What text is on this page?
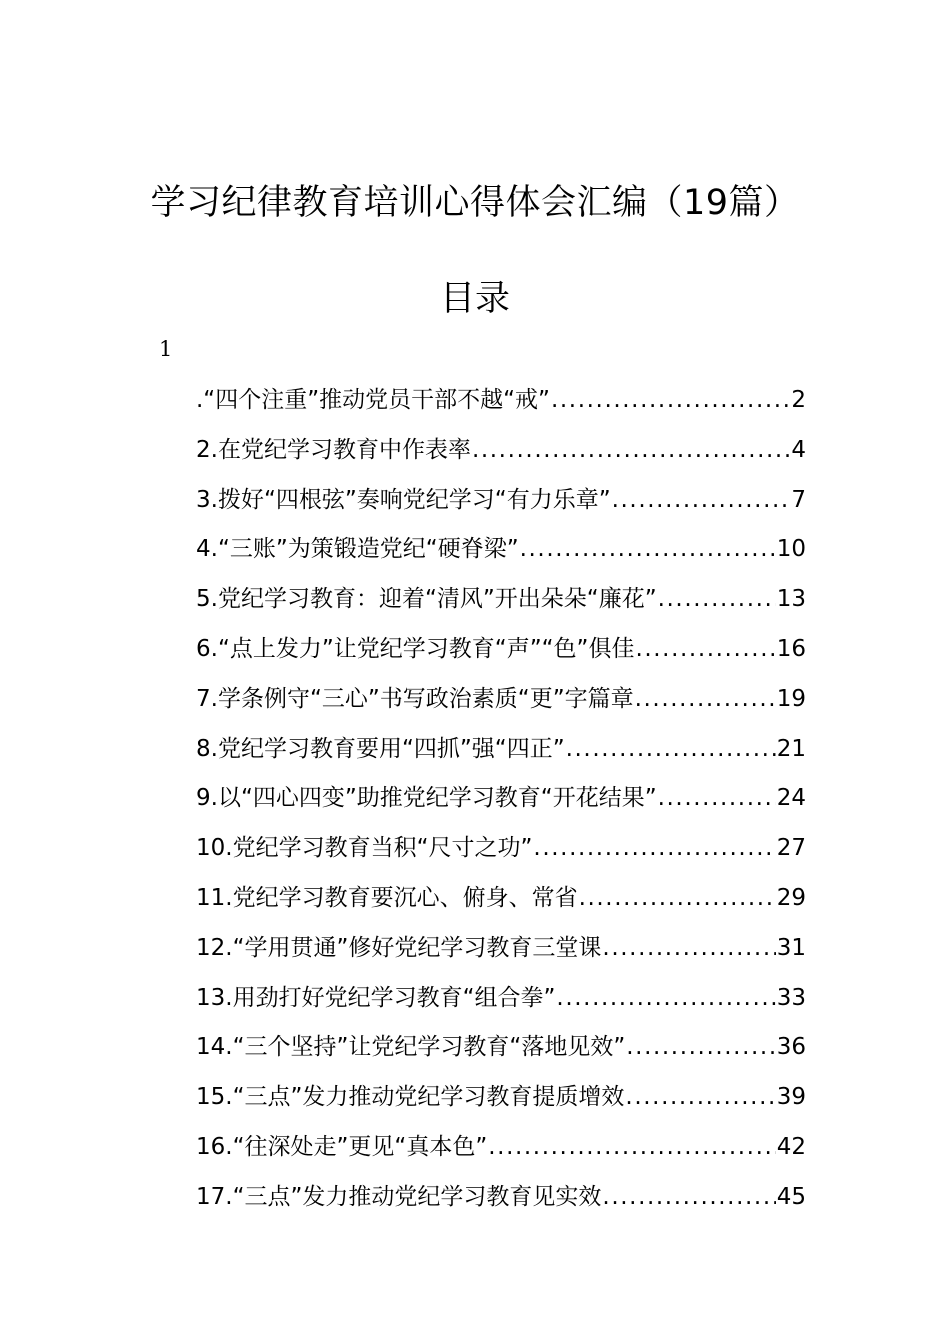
学习纪律教育培训心得体会汇编（19篇）
目录
1
.“四个注重”推动党员干部不越“戒” .....	2
2.在党纪学习教育中作表率 .....	4
3.拨好“四根弦”奏响党纪学习“有力乐章” .....	7
4.“三账”为策锻造党纪“硬脊梁” .....	10
5.党纪学习教育：迎着“清风”开出朵朵“廉花” .....	13
6.“点上发力”让党纪学习教育“声”“色”俱佳 .....	16
7.学条例守“三心”书写政治素质“更”字篇章 .....	19
8.党纪学习教育要用“四抓”强“四正” .....	21
9.以“四心四变”助推党纪学习教育“开花结果” .....	24
10.党纪学习教育当积“尺寸之功” .....	27
11.党纪学习教育要沉心、俯身、常省 .....	29
12.“学用贯通”修好党纪学习教育三堂课 .....	31
13.用劲打好党纪学习教育“组合拳” .....	33
14.“三个坚持”让党纪学习教育“落地见效” .....	36
15.“三点”发力推动党纪学习教育提质增效 .....	39
16.“往深处走”更见“真本色” .....	42
17.“三点”发力推动党纪学习教育见实效 .....	45
